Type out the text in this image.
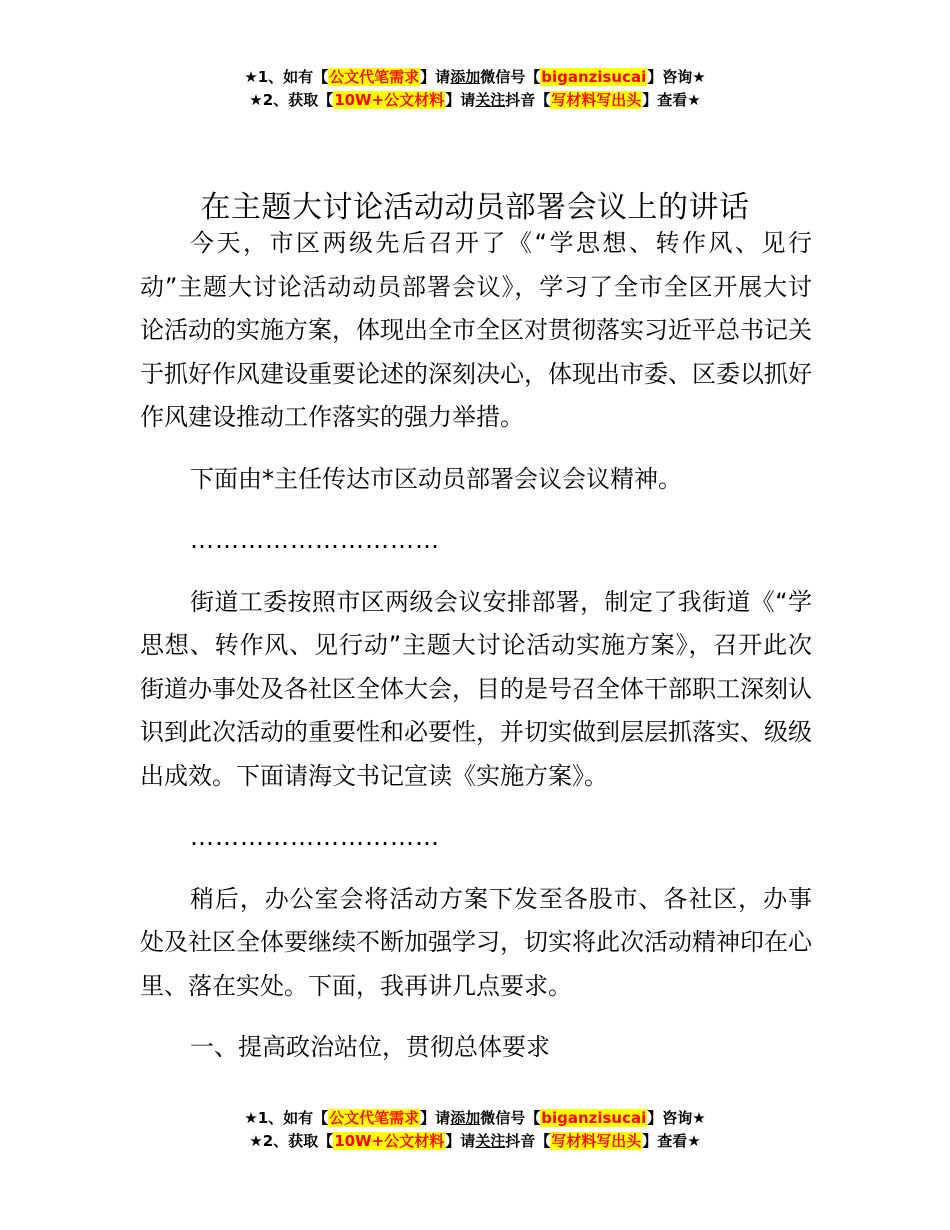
★1、如有【公文代笔需求】请添加微信号【biganzisucai】咨询★
★2、获取【10W+公文材料】请关注抖音【写材料写出头】查看★
在主题大讨论活动动员部署会议上的讲话

今天，市区两级先后召开了《“学思想、转作风、见行动”主题大讨论活动动员部署会议》，学习了全市全区开展大讨论活动的实施方案，体现出全市全区对贯彻落实习近平总书记关于抓好作风建设重要论述的深刻决心，体现出市委、区委以抓好作风建设推动工作落实的强力举措。

下面由*主任传达市区动员部署会议会议精神。

…………………………

街道工委按照市区两级会议安排部署，制定了我街道《“学思想、转作风、见行动”主题大讨论活动实施方案》，召开此次街道办事处及各社区全体大会，目的是号召全体干部职工深刻认识到此次活动的重要性和必要性，并切实做到层层抓落实、级级出成效。下面请海文书记宣读《实施方案》。

…………………………

稍后，办公室会将活动方案下发至各股市、各社区，办事处及社区全体要继续不断加强学习，切实将此次活动精神印在心里、落在实处。下面，我再讲几点要求。

一、提高政治站位，贯彻总体要求

★1、如有【公文代笔需求】请添加微信号【biganzisucai】咨询★
★2、获取【10W+公文材料】请关注抖音【写材料写出头】查看★
